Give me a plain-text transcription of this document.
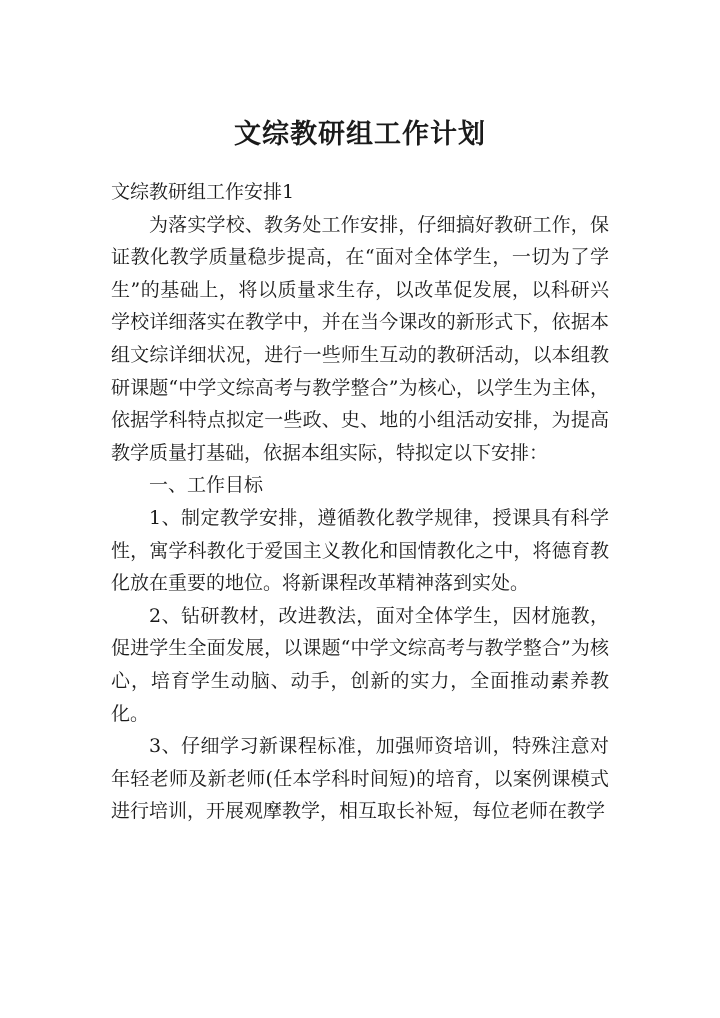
文综教研组工作计划

文综教研组工作安排1

为落实学校、教务处工作安排，仔细搞好教研工作，保证教化教学质量稳步提高，在“面对全体学生，一切为了学生”的基础上，将以质量求生存，以改革促发展，以科研兴学校详细落实在教学中，并在当今课改的新形式下，依据本组文综详细状况，进行一些师生互动的教研活动，以本组教研课题“中学文综高考与教学整合”为核心，以学生为主体，依据学科特点拟定一些政、史、地的小组活动安排，为提高教学质量打基础，依据本组实际，特拟定以下安排：

一、工作目标

1、制定教学安排，遵循教化教学规律，授课具有科学性，寓学科教化于爱国主义教化和国情教化之中，将德育教化放在重要的地位。将新课程改革精神落到实处。

2、钻研教材，改进教法，面对全体学生，因材施教，促进学生全面发展，以课题“中学文综高考与教学整合”为核心，培育学生动脑、动手，创新的实力，全面推动素养教化。

3、仔细学习新课程标准，加强师资培训，特殊注意对年轻老师及新老师(任本学科时间短)的培育，以案例课模式进行培训，开展观摩教学，相互取长补短，每位老师在教学
